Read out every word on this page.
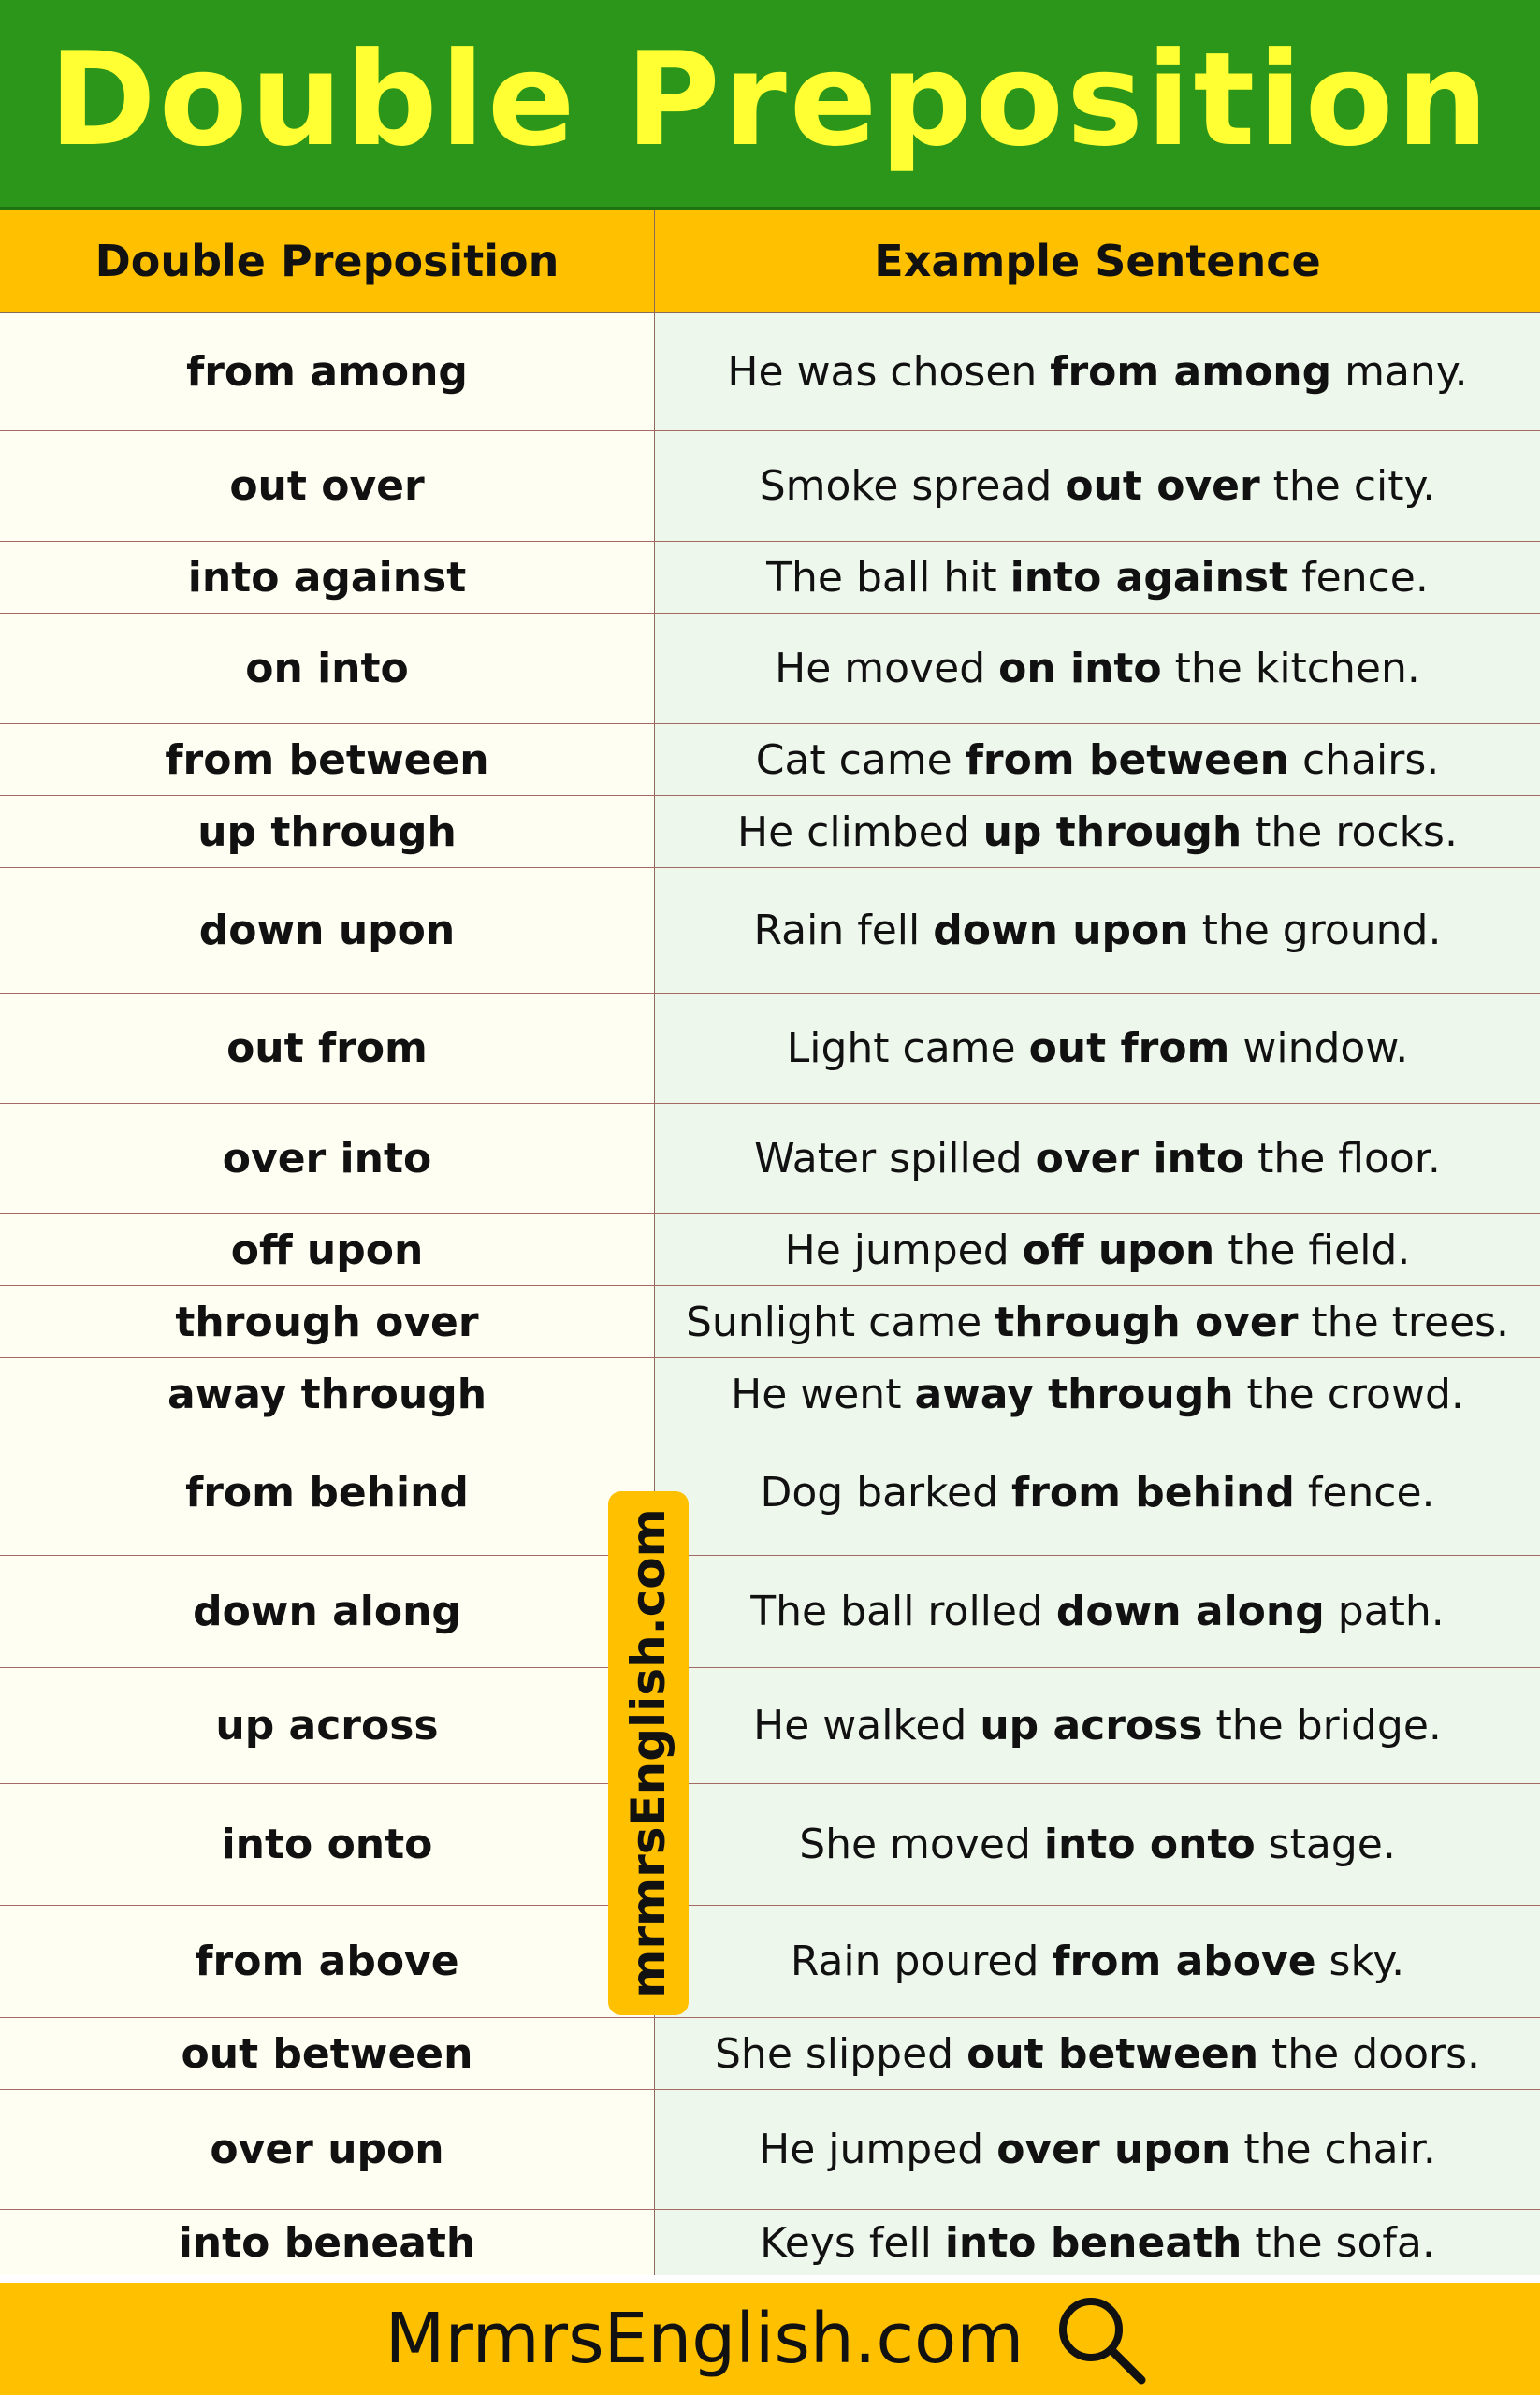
Double Preposition
Double Preposition	Example Sentence
from among	He was chosen from among many.
out over	Smoke spread out over the city.
into against	The ball hit into against fence.
on into	He moved on into the kitchen.
from between	Cat came from between chairs.
up through	He climbed up through the rocks.
down upon	Rain fell down upon the ground.
out from	Light came out from window.
over into	Water spilled over into the floor.
off upon	He jumped off upon the field.
through over	Sunlight came through over the trees.
away through	He went away through the crowd.
from behind	Dog barked from behind fence.
down along	The ball rolled down along path.
up across	He walked up across the bridge.
into onto	She moved into onto stage.
from above	Rain poured from above sky.
out between	She slipped out between the doors.
over upon	He jumped over upon the chair.
into beneath	Keys fell into beneath the sofa.
mrmrsEnglish.com
MrmrsEnglish.com
